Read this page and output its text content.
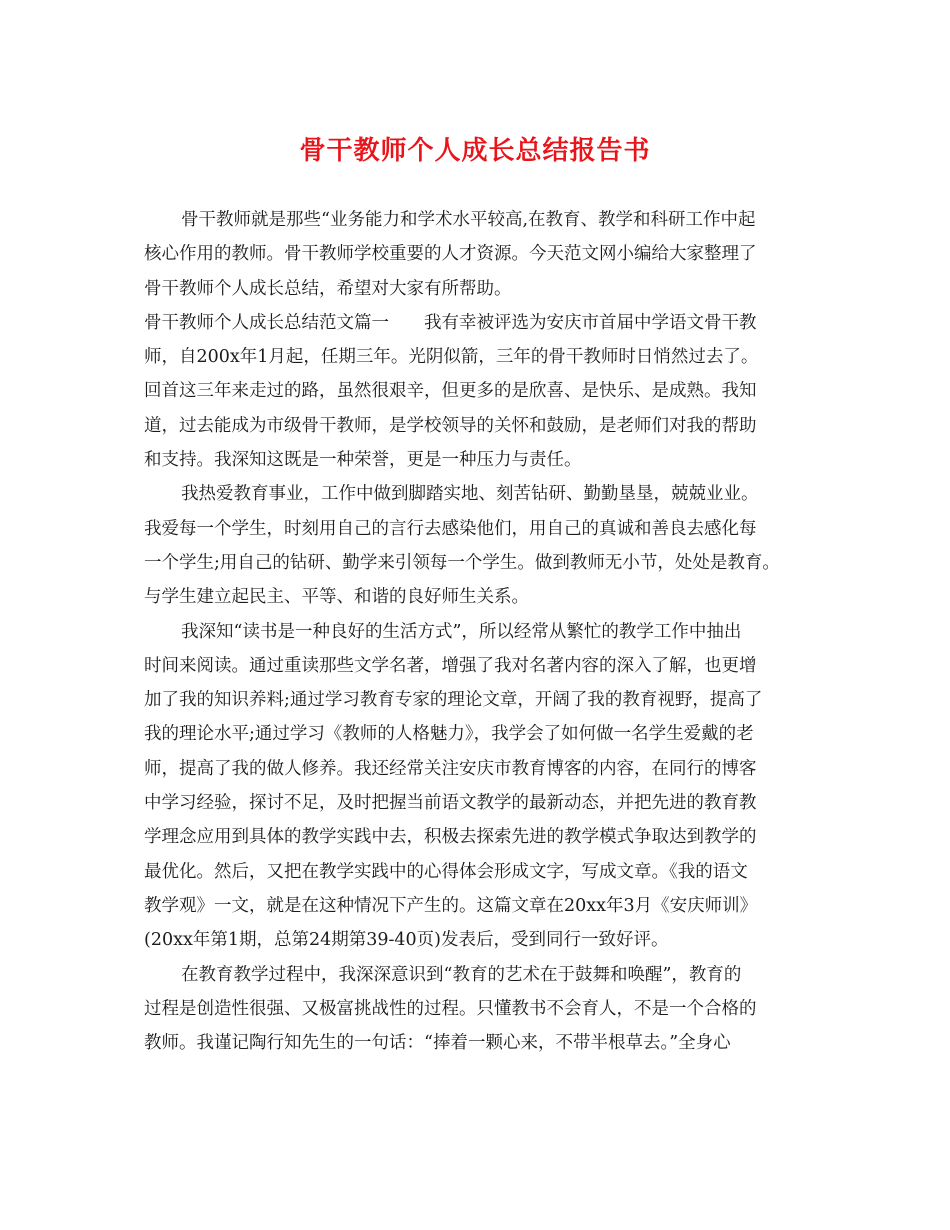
骨干教师个人成长总结报告书
骨干教师就是那些“业务能力和学术水平较高,在教育、教学和科研工作中起
核心作用的教师。骨干教师学校重要的人才资源。今天范文网小编给大家整理了
骨干教师个人成长总结，希望对大家有所帮助。
骨干教师个人成长总结范文篇一　　我有幸被评选为安庆市首届中学语文骨干教
师，自200x年1月起，任期三年。光阴似箭，三年的骨干教师时日悄然过去了。
回首这三年来走过的路，虽然很艰辛，但更多的是欣喜、是快乐、是成熟。我知
道，过去能成为市级骨干教师，是学校领导的关怀和鼓励，是老师们对我的帮助
和支持。我深知这既是一种荣誉，更是一种压力与责任。
我热爱教育事业，工作中做到脚踏实地、刻苦钻研、勤勤垦垦，兢兢业业。
我爱每一个学生，时刻用自己的言行去感染他们，用自己的真诚和善良去感化每
一个学生;用自己的钻研、勤学来引领每一个学生。做到教师无小节，处处是教育。
与学生建立起民主、平等、和谐的良好师生关系。
我深知“读书是一种良好的生活方式”，所以经常从繁忙的教学工作中抽出
时间来阅读。通过重读那些文学名著，增强了我对名著内容的深入了解，也更增
加了我的知识养料;通过学习教育专家的理论文章，开阔了我的教育视野，提高了
我的理论水平;通过学习《教师的人格魅力》，我学会了如何做一名学生爱戴的老
师，提高了我的做人修养。我还经常关注安庆市教育博客的内容，在同行的博客
中学习经验，探讨不足，及时把握当前语文教学的最新动态，并把先进的教育教
学理念应用到具体的教学实践中去，积极去探索先进的教学模式争取达到教学的
最优化。然后，又把在教学实践中的心得体会形成文字，写成文章。《我的语文
教学观》一文，就是在这种情况下产生的。这篇文章在20xx年3月《安庆师训》
(20xx年第1期，总第24期第39-40页)发表后，受到同行一致好评。
在教育教学过程中，我深深意识到“教育的艺术在于鼓舞和唤醒”，教育的
过程是创造性很强、又极富挑战性的过程。只懂教书不会育人，不是一个合格的
教师。我谨记陶行知先生的一句话：“捧着一颗心来，不带半根草去。”全身心
